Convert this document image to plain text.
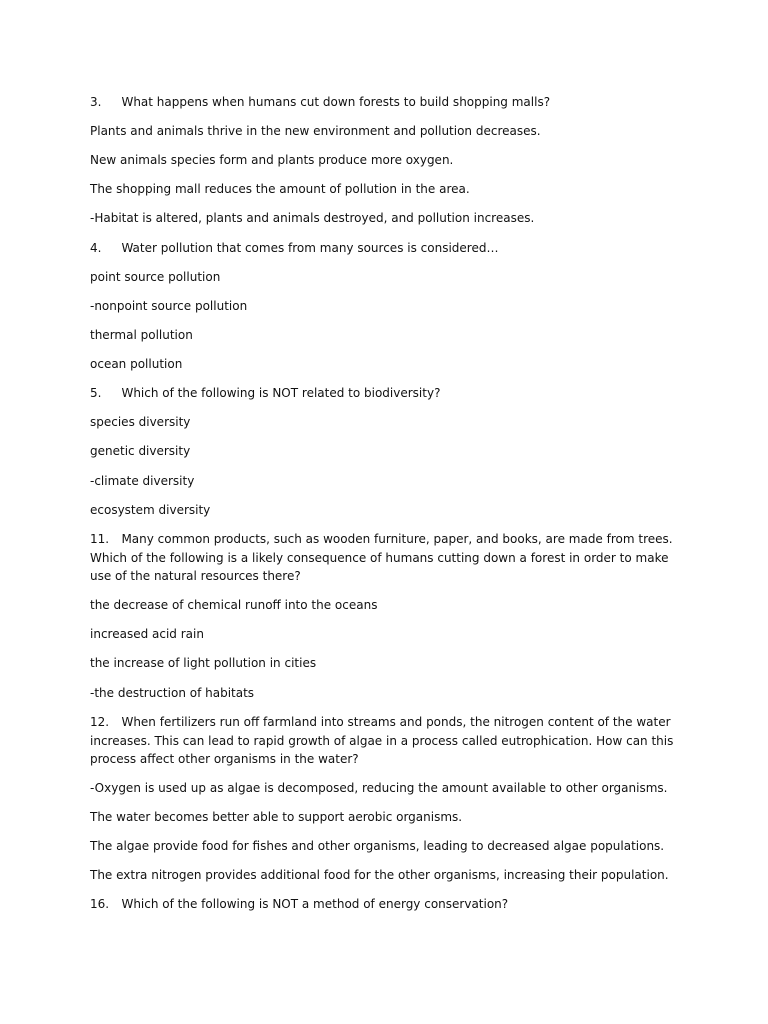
3. What happens when humans cut down forests to build shopping malls?
Plants and animals thrive in the new environment and pollution decreases.
New animals species form and plants produce more oxygen.
The shopping mall reduces the amount of pollution in the area.
-Habitat is altered, plants and animals destroyed, and pollution increases.
4. Water pollution that comes from many sources is considered…
point source pollution
-nonpoint source pollution
thermal pollution
ocean pollution
5. Which of the following is NOT related to biodiversity?
species diversity
genetic diversity
-climate diversity
ecosystem diversity
11. Many common products, such as wooden furniture, paper, and books, are made from trees. Which of the following is a likely consequence of humans cutting down a forest in order to make use of the natural resources there?
the decrease of chemical runoff into the oceans
increased acid rain
the increase of light pollution in cities
-the destruction of habitats
12. When fertilizers run off farmland into streams and ponds, the nitrogen content of the water increases. This can lead to rapid growth of algae in a process called eutrophication. How can this process affect other organisms in the water?
-Oxygen is used up as algae is decomposed, reducing the amount available to other organisms.
The water becomes better able to support aerobic organisms.
The algae provide food for fishes and other organisms, leading to decreased algae populations.
The extra nitrogen provides additional food for the other organisms, increasing their population.
16. Which of the following is NOT a method of energy conservation?
